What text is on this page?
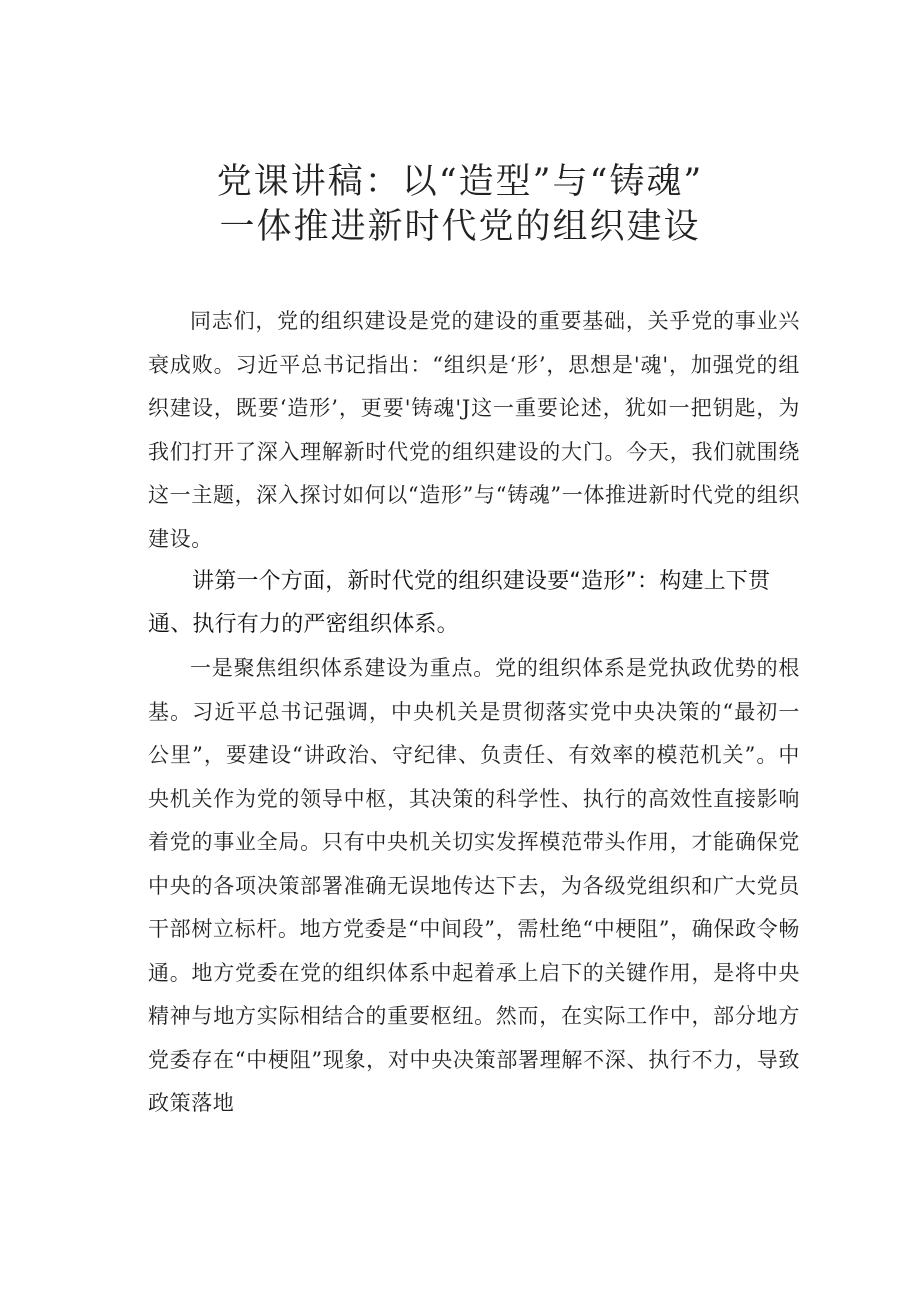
党课讲稿：以“造型”与“铸魂”
一体推进新时代党的组织建设

同志们，党的组织建设是党的建设的重要基础，关乎党的事业兴衰成败。习近平总书记指出：“组织是‘形’，思想是'魂'，加强党的组织建设，既要‘造形’，更要'铸魂'J这一重要论述，犹如一把钥匙，为我们打开了深入理解新时代党的组织建设的大门。今天，我们就围绕这一主题，深入探讨如何以“造形”与“铸魂”一体推进新时代党的组织建设。

讲第一个方面，新时代党的组织建设要“造形”：构建上下贯通、执行有力的严密组织体系。

一是聚焦组织体系建设为重点。党的组织体系是党执政优势的根基。习近平总书记强调，中央机关是贯彻落实党中央决策的“最初一公里”，要建设“讲政治、守纪律、负责任、有效率的模范机关”。中央机关作为党的领导中枢，其决策的科学性、执行的高效性直接影响着党的事业全局。只有中央机关切实发挥模范带头作用，才能确保党中央的各项决策部署准确无误地传达下去，为各级党组织和广大党员干部树立标杆。地方党委是“中间段”，需杜绝“中梗阻”，确保政令畅通。地方党委在党的组织体系中起着承上启下的关键作用，是将中央精神与地方实际相结合的重要枢纽。然而，在实际工作中，部分地方党委存在“中梗阻”现象，对中央决策部署理解不深、执行不力，导致政策落地
